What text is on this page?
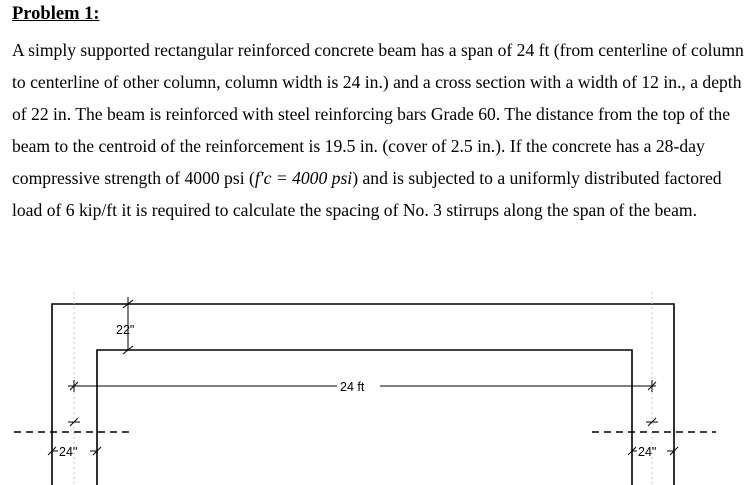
Problem 1:

A simply supported rectangular reinforced concrete beam has a span of 24 ft (from centerline of column to centerline of other column, column width is 24 in.) and a cross section with a width of 12 in., a depth of 22 in. The beam is reinforced with steel reinforcing bars Grade 60. The distance from the top of the beam to the centroid of the reinforcement is 19.5 in. (cover of 2.5 in.). If the concrete has a 28-day compressive strength of 4000 psi (f′c = 4000 psi) and is subjected to a uniformly distributed factored load of 6 kip/ft it is required to calculate the spacing of No. 3 stirrups along the span of the beam.

22"
24 ft
24"	24"
